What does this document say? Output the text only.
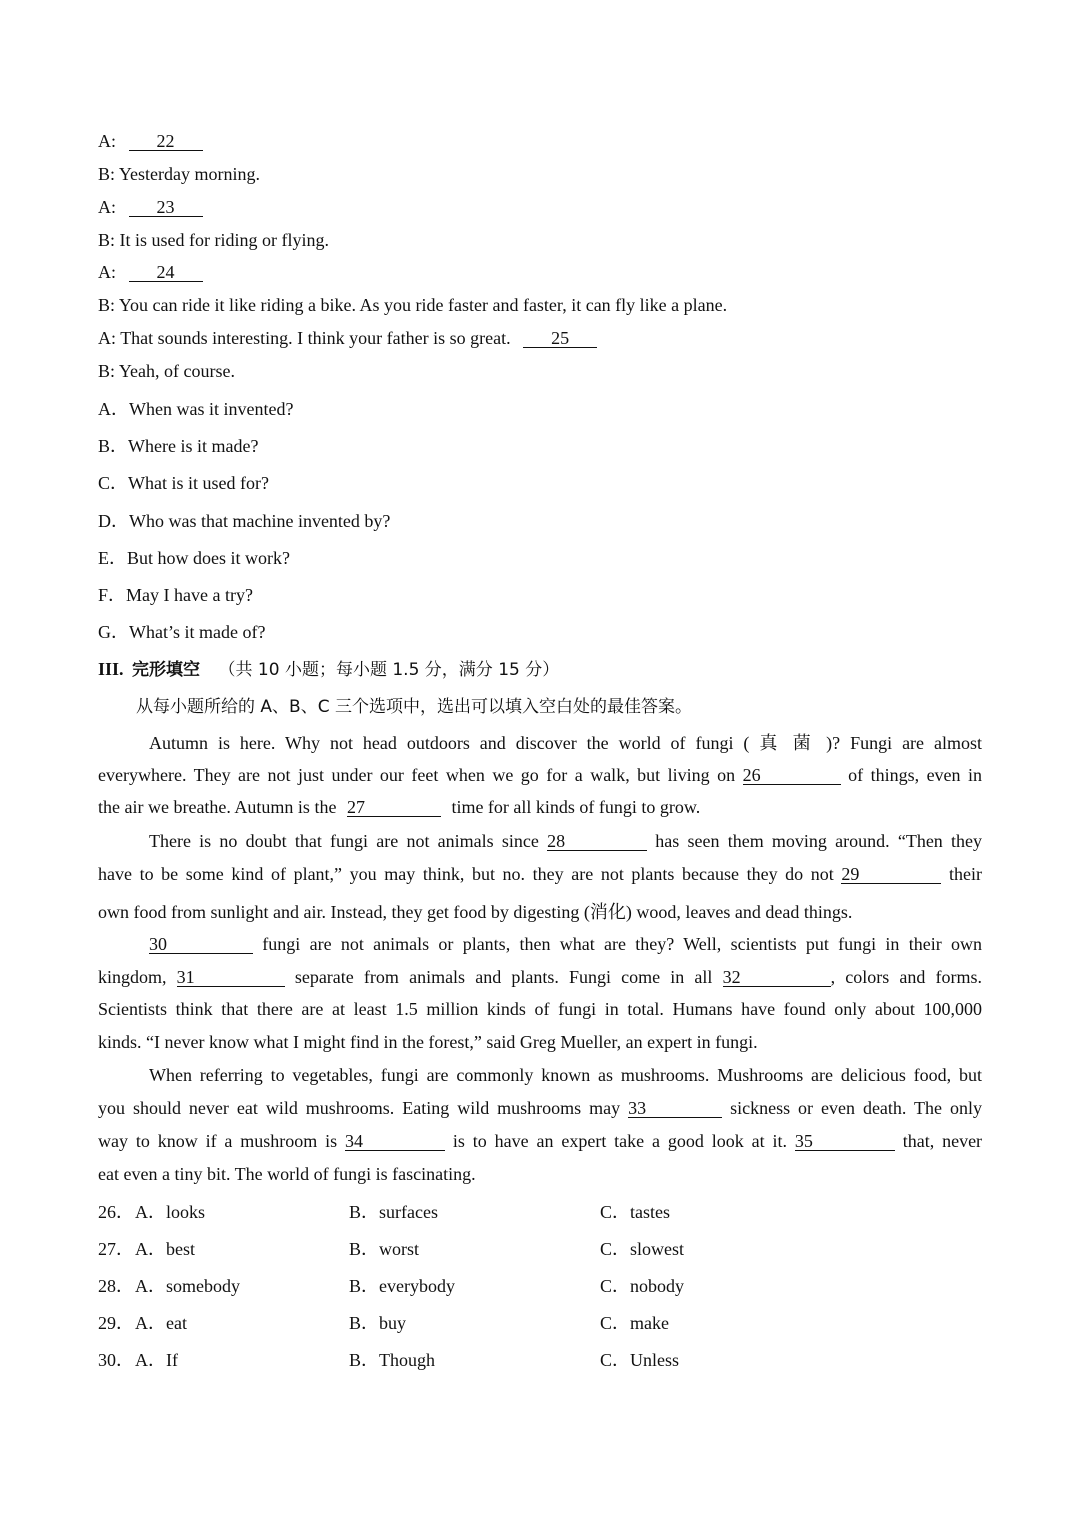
A: 22
B: Yesterday morning.
A: 23
B: It is used for riding or flying.
A: 24
B: You can ride it like riding a bike. As you ride faster and faster, it can fly like a plane.
A: That sounds interesting. I think your father is so great. 25
B: Yeah, of course.
A．When was it invented?
B．Where is it made?
C．What is it used for?
D．Who was that machine invented by?
E．But how does it work?
F．May I have a try?
G．What’s it made of?
III. 完形填空 （共 10 小题；每小题 1.5 分，满分 15 分）
从每小题所给的 A、B、C 三个选项中，选出可以填入空白处的最佳答案。
Autumn is here. Why not head outdoors and discover the world of fungi ( 真 菌 )? Fungi are almost
everywhere. They are not just under our feet when we go for a walk, but living on 26	of things, even in
the air we breathe. Autumn is the 27	time for all kinds of fungi to grow.
There is no doubt that fungi are not animals since 28	has seen them moving around. “Then they
have to be some kind of plant,” you may think, but no. they are not plants because they do not 29	their
own food from sunlight and air. Instead, they get food by digesting (消化) wood, leaves and dead things.
30	fungi are not animals or plants, then what are they? Well, scientists put fungi in their own
kingdom, 31	separate from animals and plants. Fungi come in all 32	, colors and forms.
Scientists think that there are at least 1.5 million kinds of fungi in total. Humans have found only about 100,000
kinds. “I never know what I might find in the forest,” said Greg Mueller, an expert in fungi.
When referring to vegetables, fungi are commonly known as mushrooms. Mushrooms are delicious food, but
you should never eat wild mushrooms. Eating wild mushrooms may 33	sickness or even death. The only
way to know if a mushroom is 34	is to have an expert take a good look at it. 35	that, never
eat even a tiny bit. The world of fungi is fascinating.
26． A．looks	B．surfaces	C．tastes
27． A．best	B．worst	C．slowest
28． A．somebody	B．everybody	C．nobody
29． A．eat	B．buy	C．make
30． A．If	B．Though	C．Unless
